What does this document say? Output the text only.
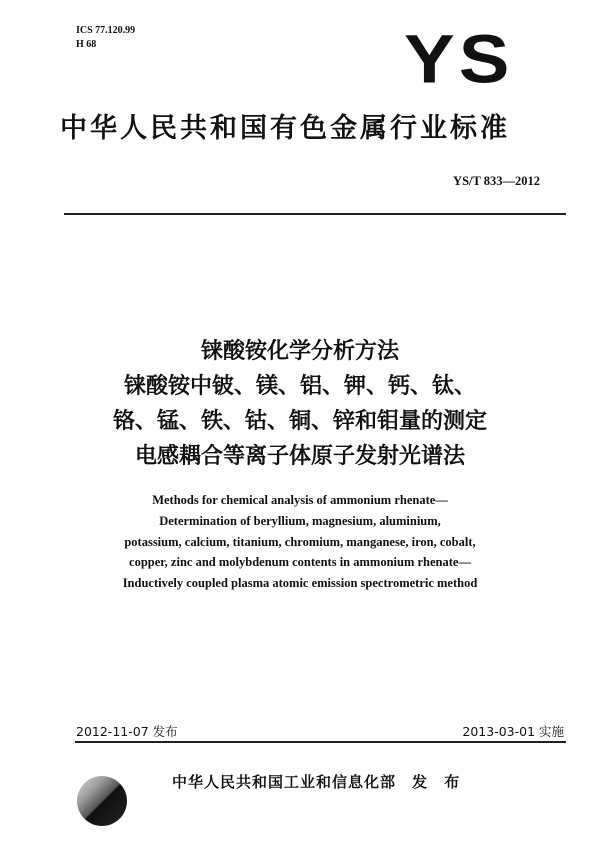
ICS 77.120.99
H 68	YS
中华人民共和国有色金属行业标准
YS/T 833—2012
铼酸铵化学分析方法
铼酸铵中铍、镁、铝、钾、钙、钛、
铬、锰、铁、钴、铜、锌和钼量的测定
电感耦合等离子体原子发射光谱法
Methods for chemical analysis of ammonium rhenate—
Determination of beryllium, magnesium, aluminium,
potassium, calcium, titanium, chromium, manganese, iron, cobalt,
copper, zinc and molybdenum contents in ammonium rhenate—
Inductively coupled plasma atomic emission spectrometric method
2012-11-07 发布	2013-03-01 实施
中华人民共和国工业和信息化部 发 布
